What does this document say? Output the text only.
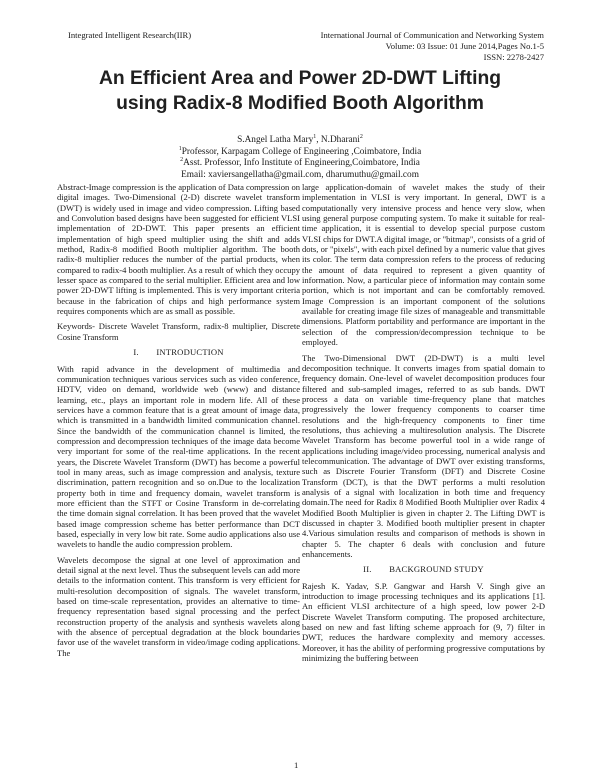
Integrated Intelligent Research(IIR)	International Journal of Communication and Networking System
Volume: 03 Issue: 01 June 2014,Pages No.1-5
ISSN: 2278-2427
An Efficient Area and Power 2D-DWT Lifting
using Radix-8 Modified Booth Algorithm
S.Angel Latha Mary$^1$, N.Dharani$^2$
$^1$Professor, Karpagam College of Engineering ,Coimbatore, India
$^2$Asst. Professor, Info Institute of Engineering,Coimbatore, India
Email: xaviersangellatha@gmail.com, dharumuthu@gmail.com

Abstract-Image compression is the application of Data compression on digital images. Two-Dimensional (2-D) discrete wavelet transform (DWT) is widely used in image and video compression. Lifting based and Convolution based designs have been suggested for efficient VLSI implementation of 2D-DWT. This paper presents an efficient implementation of high speed multiplier using the shift and adds method, Radix-8 modified Booth multiplier algorithm. The booth radix-8 multiplier reduces the number of the partial products, when compared to radix-4 booth multiplier. As a result of which they occupy lesser space as compared to the serial multiplier. Efficient area and low power 2D-DWT lifting is implemented. This is very important criteria because in the fabrication of chips and high performance system requires components which are as small as possible.

Keywords- Discrete Wavelet Transform, radix-8 multiplier, Discrete Cosine Transform

I.  INTRODUCTION

With rapid advance in the development of multimedia and communication techniques various services such as video conference, HDTV, video on demand, worldwide web (www) and distance learning, etc., plays an important role in modern life. All of these services have a common feature that is a great amount of image data, which is transmitted in a bandwidth limited communication channel. Since the bandwidth of the communication channel is limited, the compression and decompression techniques of the image data become very important for some of the real-time applications. In the recent years, the Discrete Wavelet Transform (DWT) has become a powerful tool in many areas, such as image compression and analysis, texture discrimination, pattern recognition and so on.Due to the localization property both in time and frequency domain, wavelet transform is more efficient than the STFT or Cosine Transform in de-correlating the time domain signal correlation. It has been proved that the wavelet based image compression scheme has better performance than DCT based, especially in very low bit rate. Some audio applications also use wavelets to handle the audio compression problem.

Wavelets decompose the signal at one level of approximation and detail signal at the next level. Thus the subsequent levels can add more details to the information content. This transform is very efficient for multi-resolution decomposition of signals. The wavelet transform, based on time-scale representation, provides an alternative to time-frequency representation based signal processing and the perfect reconstruction property of the analysis and synthesis wavelets along with the absence of perceptual degradation at the block boundaries favor use of the wavelet transform in video/image coding applications. The

large application-domain of wavelet makes the study of their implementation in VLSI is very important. In general, DWT is a computationally very intensive process and hence very slow, when using general purpose computing system. To make it suitable for real-time application, it is essential to develop special purpose custom VLSI chips for DWT.A digital image, or "bitmap", consists of a grid of dots, or "pixels", with each pixel defined by a numeric value that gives its color. The term data compression refers to the process of reducing the amount of data required to represent a given quantity of information. Now, a particular piece of information may contain some portion, which is not important and can be comfortably removed. Image Compression is an important component of the solutions available for creating image file sizes of manageable and transmittable dimensions. Platform portability and performance are important in the selection of the compression/decompression technique to be employed.

The Two-Dimensional DWT (2D-DWT) is a multi level decomposition technique. It converts images from spatial domain to frequency domain. One-level of wavelet decomposition produces four filtered and sub-sampled images, referred to as sub bands. DWT process a data on variable time-frequency plane that matches progressively the lower frequency components to coarser time resolutions and the high-frequency components to finer time resolutions, thus achieving a multiresolution analysis. The Discrete Wavelet Transform has become powerful tool in a wide range of applications including image/video processing, numerical analysis and telecommunication. The advantage of DWT over existing transforms, such as Discrete Fourier Transform (DFT) and Discrete Cosine Transform (DCT), is that the DWT performs a multi resolution analysis of a signal with localization in both time and frequency domain.The need for Radix 8 Modified Booth Multiplier over Radix 4 Modified Booth Multiplier is given in chapter 2. The Lifting DWT is discussed in chapter 3. Modified booth multiplier present in chapter 4.Various simulation results and comparison of methods is shown in chapter 5. The chapter 6 deals with conclusion and future enhancements.

II.  BACKGROUND STUDY

Rajesh K. Yadav, S.P. Gangwar and Harsh V. Singh give an introduction to image processing techniques and its applications [1]. An efficient VLSI architecture of a high speed, low power 2-D Discrete Wavelet Transform computing. The proposed architecture, based on new and fast lifting scheme approach for (9, 7) filter in DWT, reduces the hardware complexity and memory accesses. Moreover, it has the ability of performing progressive computations by minimizing the buffering between

1
